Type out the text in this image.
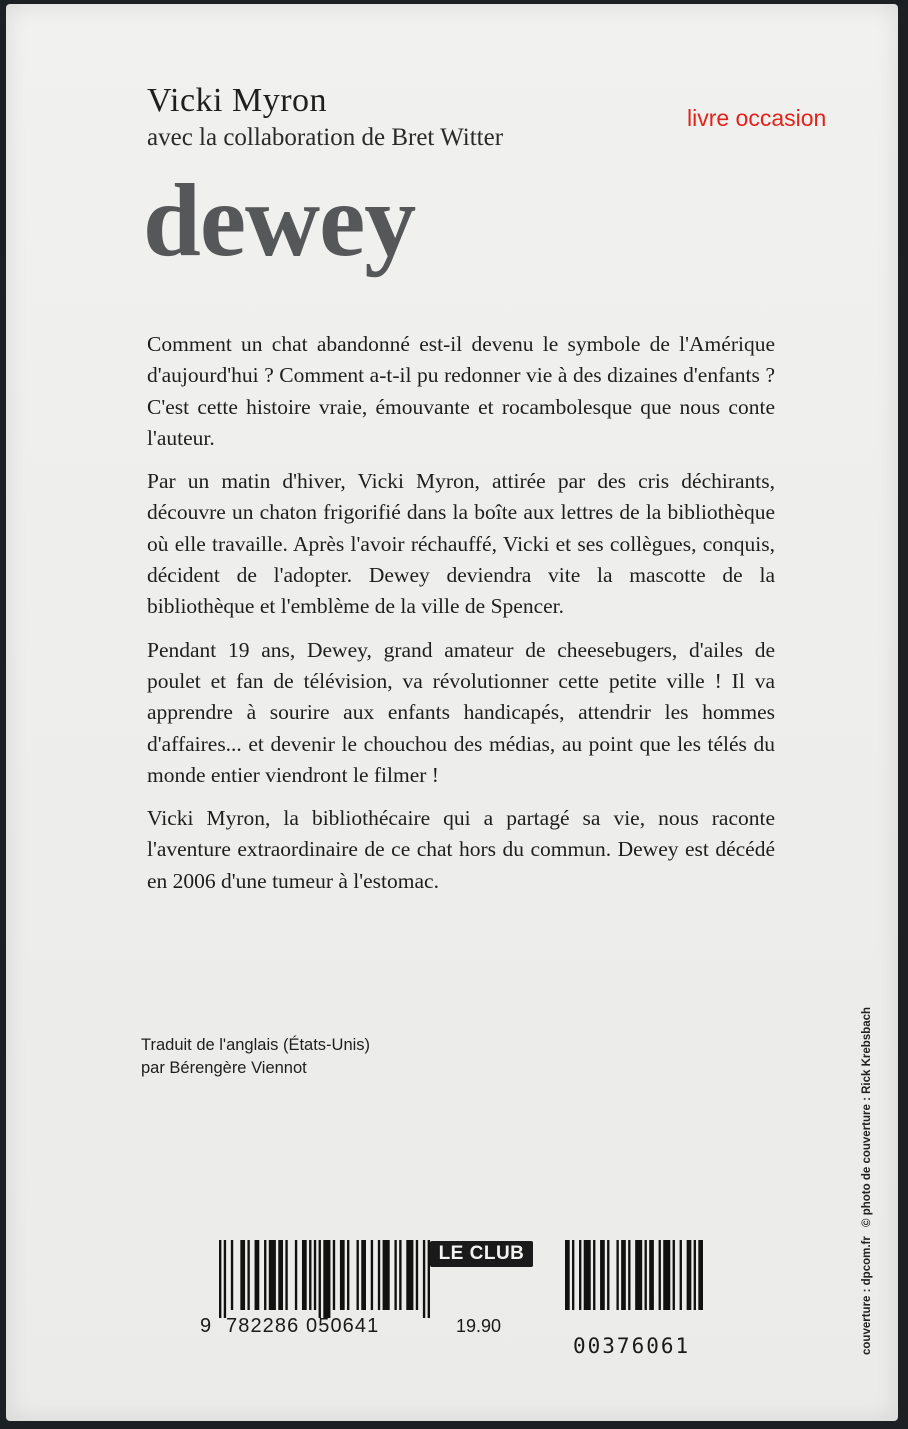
Vicki Myron
avec la collaboration de Bret Witter
livre occasion
dewey

Comment un chat abandonné est-il devenu le symbole de l'Amérique d'aujourd'hui ? Comment a-t-il pu redonner vie à des dizaines d'enfants ? C'est cette histoire vraie, émouvante et rocambolesque que nous conte l'auteur.

Par un matin d'hiver, Vicki Myron, attirée par des cris déchirants, découvre un chaton frigorifié dans la boîte aux lettres de la bibliothèque où elle travaille. Après l'avoir réchauffé, Vicki et ses collègues, conquis, décident de l'adopter. Dewey deviendra vite la mascotte de la bibliothèque et l'emblème de la ville de Spencer.

Pendant 19 ans, Dewey, grand amateur de cheesebugers, d'ailes de poulet et fan de télévision, va révolutionner cette petite ville ! Il va apprendre à sourire aux enfants handicapés, attendrir les hommes d'affaires... et devenir le chouchou des médias, au point que les télés du monde entier viendront le filmer !

Vicki Myron, la bibliothécaire qui a partagé sa vie, nous raconte l'aventure extraordinaire de ce chat hors du commun. Dewey est décédé en 2006 d'une tumeur à l'estomac.

Traduit de l'anglais (États-Unis)
par Bérengère Viennot
couverture : dpcom.fr © photo de couverture : Rick Krebsbach
9 782286 050641
LE CLUB
19.90
00376061
